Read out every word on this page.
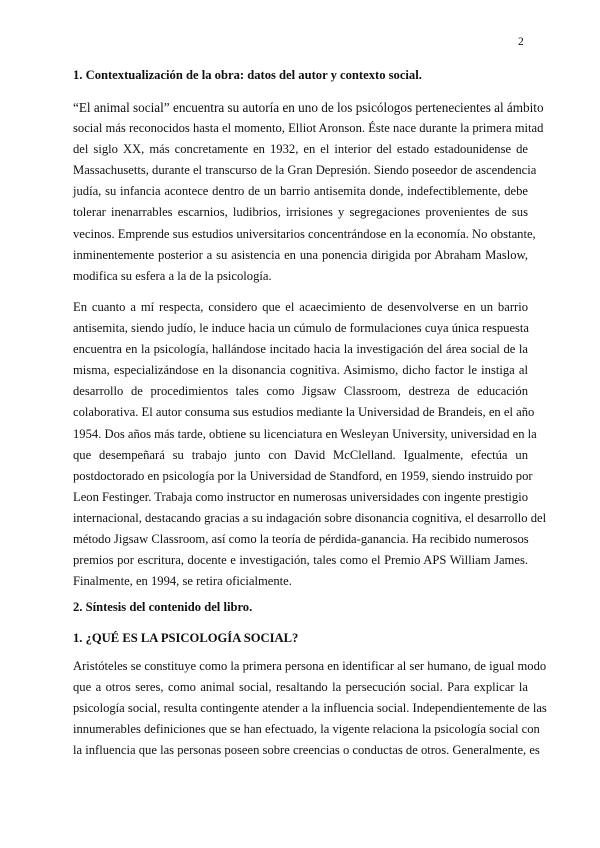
2
1. Contextualización de la obra: datos del autor y contexto social.
“El animal social” encuentra su autoría en uno de los psicólogos pertenecientes al ámbito
social más reconocidos hasta el momento, Elliot Aronson. Éste nace durante la primera mitad
del siglo XX, más concretamente en 1932, en el interior del estado estadounidense de
Massachusetts, durante el transcurso de la Gran Depresión. Siendo poseedor de ascendencia
judía, su infancia acontece dentro de un barrio antisemita donde, indefectiblemente, debe
tolerar inenarrables escarnios, ludibrios, irrisiones y segregaciones provenientes de sus
vecinos. Emprende sus estudios universitarios concentrándose en la economía. No obstante,
inminentemente posterior a su asistencia en una ponencia dirigida por Abraham Maslow,
modifica su esfera a la de la psicología.
En cuanto a mí respecta, considero que el acaecimiento de desenvolverse en un barrio
antisemita, siendo judío, le induce hacia un cúmulo de formulaciones cuya única respuesta
encuentra en la psicología, hallándose incitado hacia la investigación del área social de la
misma, especializándose en la disonancia cognitiva. Asimismo, dicho factor le instiga al
desarrollo de procedimientos tales como Jigsaw Classroom, destreza de educación
colaborativa. El autor consuma sus estudios mediante la Universidad de Brandeis, en el año
1954. Dos años más tarde, obtiene su licenciatura en Wesleyan University, universidad en la
que desempeñará su trabajo junto con David McClelland. Igualmente, efectúa un
postdoctorado en psicología por la Universidad de Standford, en 1959, siendo instruido por
Leon Festinger. Trabaja como instructor en numerosas universidades con ingente prestigio
internacional, destacando gracias a su indagación sobre disonancia cognitiva, el desarrollo del
método Jigsaw Classroom, así como la teoría de pérdida-ganancia. Ha recibido numerosos
premios por escritura, docente e investigación, tales como el Premio APS William James.
Finalmente, en 1994, se retira oficialmente.
2. Síntesis del contenido del libro.
1. ¿QUÉ ES LA PSICOLOGÍA SOCIAL?
Aristóteles se constituye como la primera persona en identificar al ser humano, de igual modo
que a otros seres, como animal social, resaltando la persecución social. Para explicar la
psicología social, resulta contingente atender a la influencia social. Independientemente de las
innumerables definiciones que se han efectuado, la vigente relaciona la psicología social con
la influencia que las personas poseen sobre creencias o conductas de otros. Generalmente, es
